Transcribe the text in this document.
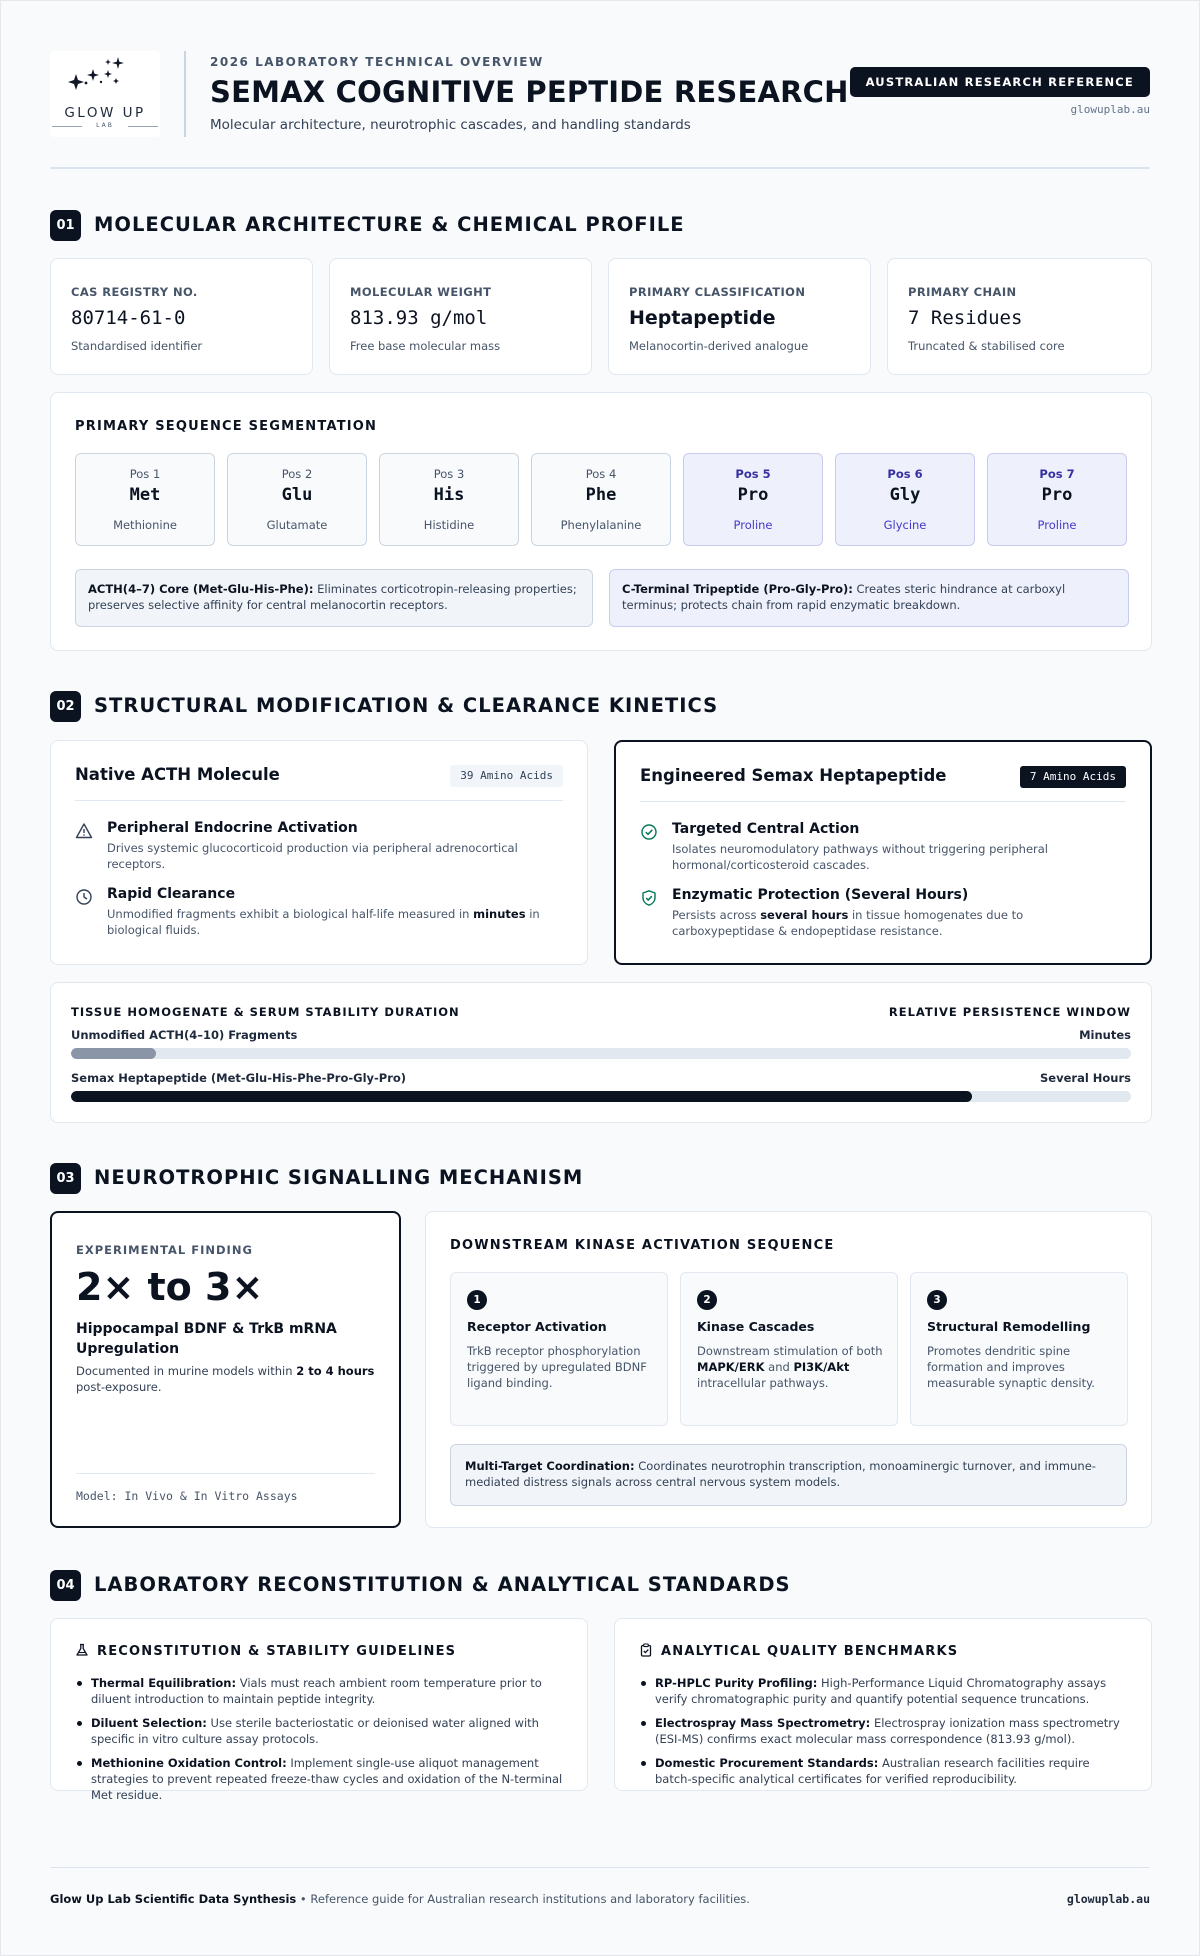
GLOW UP
LAB
2026 LABORATORY TECHNICAL OVERVIEW
SEMAX COGNITIVE PEPTIDE RESEARCH
Molecular architecture, neurotrophic cascades, and handling standards
AUSTRALIAN RESEARCH REFERENCE
glowuplab.au
01 MOLECULAR ARCHITECTURE & CHEMICAL PROFILE
CAS REGISTRY NO.
80714-61-0
Standardised identifier
MOLECULAR WEIGHT
813.93 g/mol
Free base molecular mass
PRIMARY CLASSIFICATION
Heptapeptide
Melanocortin-derived analogue
PRIMARY CHAIN
7 Residues
Truncated & stabilised core
PRIMARY SEQUENCE SEGMENTATION
Pos 1
Met
Methionine
Pos 2
Glu
Glutamate
Pos 3
His
Histidine
Pos 4
Phe
Phenylalanine
Pos 5
Pro
Proline
Pos 6
Gly
Glycine
Pos 7
Pro
Proline
ACTH(4–7) Core (Met-Glu-His-Phe): Eliminates corticotropin-releasing properties; preserves selective affinity for central melanocortin receptors.
C-Terminal Tripeptide (Pro-Gly-Pro): Creates steric hindrance at carboxyl terminus; protects chain from rapid enzymatic breakdown.
02 STRUCTURAL MODIFICATION & CLEARANCE KINETICS
Native ACTH Molecule	39 Amino Acids
Peripheral Endocrine Activation
Drives systemic glucocorticoid production via peripheral adrenocortical receptors.
Rapid Clearance
Unmodified fragments exhibit a biological half-life measured in minutes in biological fluids.
Engineered Semax Heptapeptide	7 Amino Acids
Targeted Central Action
Isolates neuromodulatory pathways without triggering peripheral hormonal/corticosteroid cascades.
Enzymatic Protection (Several Hours)
Persists across several hours in tissue homogenates due to carboxypeptidase & endopeptidase resistance.
TISSUE HOMOGENATE & SERUM STABILITY DURATION	RELATIVE PERSISTENCE WINDOW
Unmodified ACTH(4–10) Fragments	Minutes
Semax Heptapeptide (Met-Glu-His-Phe-Pro-Gly-Pro)	Several Hours
03 NEUROTROPHIC SIGNALLING MECHANISM
EXPERIMENTAL FINDING
2× to 3×
Hippocampal BDNF & TrkB mRNA Upregulation
Documented in murine models within 2 to 4 hours post-exposure.
Model: In Vivo & In Vitro Assays
DOWNSTREAM KINASE ACTIVATION SEQUENCE
1
Receptor Activation
TrkB receptor phosphorylation triggered by upregulated BDNF ligand binding.
2
Kinase Cascades
Downstream stimulation of both MAPK/ERK and PI3K/Akt intracellular pathways.
3
Structural Remodelling
Promotes dendritic spine formation and improves measurable synaptic density.
Multi-Target Coordination: Coordinates neurotrophin transcription, monoaminergic turnover, and immune-mediated distress signals across central nervous system models.
04 LABORATORY RECONSTITUTION & ANALYTICAL STANDARDS
RECONSTITUTION & STABILITY GUIDELINES
Thermal Equilibration: Vials must reach ambient room temperature prior to diluent introduction to maintain peptide integrity.
Diluent Selection: Use sterile bacteriostatic or deionised water aligned with specific in vitro culture assay protocols.
Methionine Oxidation Control: Implement single-use aliquot management strategies to prevent repeated freeze-thaw cycles and oxidation of the N-terminal Met residue.
ANALYTICAL QUALITY BENCHMARKS
RP-HPLC Purity Profiling: High-Performance Liquid Chromatography assays verify chromatographic purity and quantify potential sequence truncations.
Electrospray Mass Spectrometry: Electrospray ionization mass spectrometry (ESI-MS) confirms exact molecular mass correspondence (813.93 g/mol).
Domestic Procurement Standards: Australian research facilities require batch-specific analytical certificates for verified reproducibility.
Glow Up Lab Scientific Data Synthesis • Reference guide for Australian research institutions and laboratory facilities.	glowuplab.au
